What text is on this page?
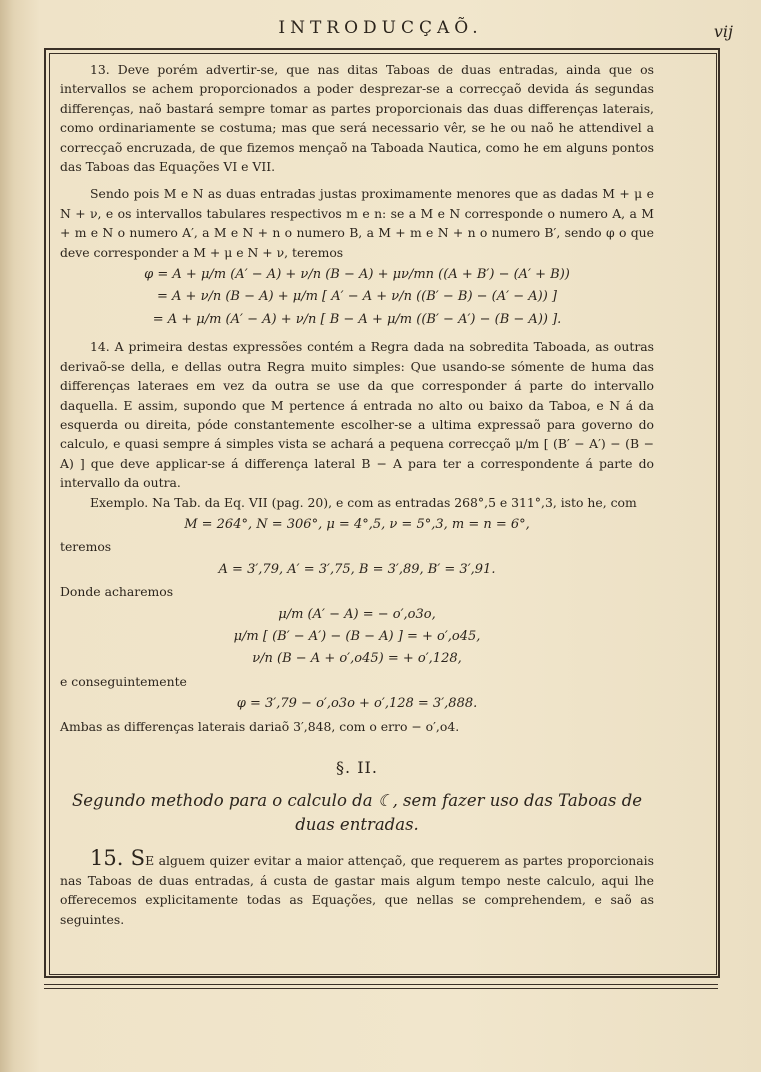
INTRODUCÇAÕ.	vij

13. Deve porém advertir-se, que nas ditas Taboas de duas entradas, ainda que os intervallos se achem proporcionados a poder desprezar-se a correcçaõ devida ás segundas differenças, naõ bastará sempre tomar as partes proporcionais das duas differenças laterais, como ordinariamente se costuma; mas que será necessario vêr, se he ou naõ he attendivel a correcçaõ encruzada, de que fizemos mençaõ na Taboada Nautica, como he em alguns pontos das Taboas das Equações VI e VII.

Sendo pois M e N as duas entradas justas proximamente menores que as dadas M + μ e N + ν, e os intervallos tabulares respectivos m e n: se a M e N corresponde o numero A, a M + m e N o numero A′, a M e N + n o numero B, a M + m e N + n o numero B′, sendo φ o que deve corresponder a M + μ e N + ν, teremos

φ = A + μ/m (A′ − A) + ν/n (B − A) + μν/mn ((A + B′) − (A′ + B))
= A + ν/n (B − A) + μ/m [ A′ − A + ν/n ((B′ − B) − (A′ − A)) ]
= A + μ/m (A′ − A) + ν/n [ B − A + μ/m ((B′ − A′) − (B − A)) ].

14. A primeira destas expressões contém a Regra dada na sobredita Taboada, as outras derivaõ-se della, e dellas outra Regra muito simples: Que usando-se sómente de huma das differenças lateraes em vez da outra se use da que corresponder á parte do intervallo daquella. E assim, supondo que M pertence á entrada no alto ou baixo da Taboa, e N á da esquerda ou direita, póde constantemente escolher-se a ultima expressaõ para governo do calculo, e quasi sempre á simples vista se achará a pequena correcçaõ μ/m [ (B′ − A′) − (B − A) ] que deve applicar-se á differença lateral B − A para ter a correspondente á parte do intervallo da outra.

Exemplo. Na Tab. da Eq. VII (pag. 20), e com as entradas 268°,5 e 311°,3, isto he, com

M = 264°, N = 306°, μ = 4°,5, ν = 5°,3, m = n = 6°,
teremos
A = 3′,79, A′ = 3′,75, B = 3′,89, B′ = 3′,91.
Donde acharemos
μ/m (A′ − A) = − o′,o3o,
μ/m [ (B′ − A′) − (B − A) ] = + o′,o45,
ν/n (B − A + o′,o45) = + o′,128,
e conseguintemente
φ = 3′,79 − o′,o3o + o′,128 = 3′,888.

Ambas as differenças laterais dariaõ 3′,848, com o erro − o′,o4.

§. II.
Segundo methodo para o calculo da ☾, sem fazer uso das Taboas de duas entradas.

15. SE alguem quizer evitar a maior attençaõ, que requerem as partes proporcionais nas Taboas de duas entradas, á custa de gastar mais algum tempo neste calculo, aqui lhe offerecemos explicitamente todas as Equações, que nellas se comprehendem, e saõ as seguintes.
